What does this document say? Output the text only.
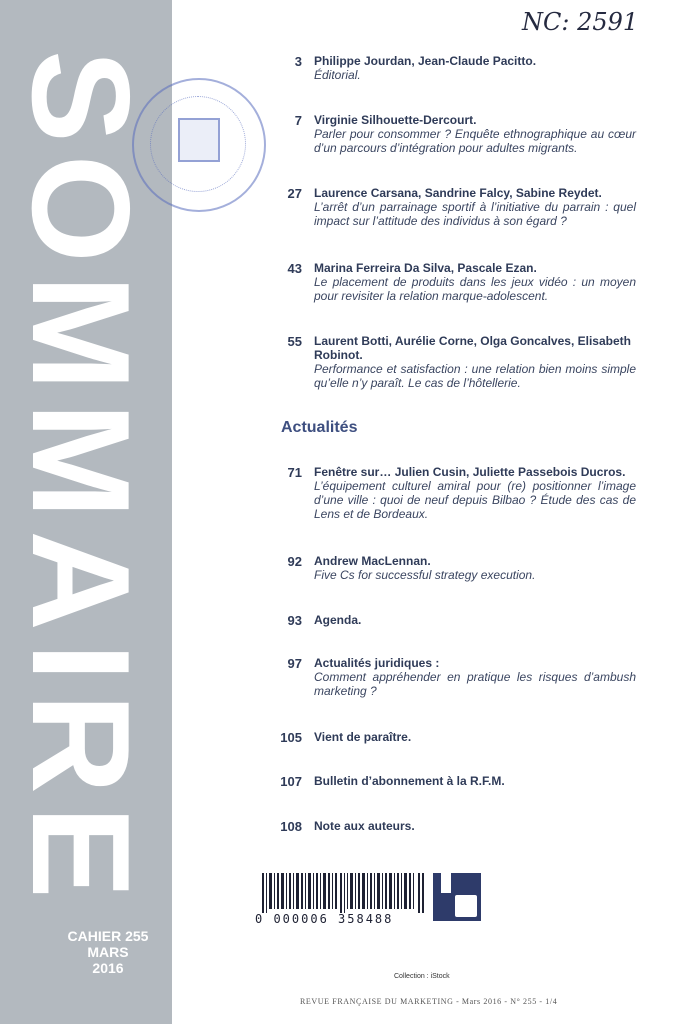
SOMMAIRE
CAHIER 255
MARS
2016
NC: 2591
3 Philippe Jourdan, Jean-Claude Pacitto.
Éditorial.
7 Virginie Silhouette-Dercourt.
Parler pour consommer ? Enquête ethnographique au cœur d’un parcours d’intégration pour adultes migrants.
27 Laurence Carsana, Sandrine Falcy, Sabine Reydet.
L’arrêt d’un parrainage sportif à l’initiative du parrain : quel impact sur l’attitude des individus à son égard ?
43 Marina Ferreira Da Silva, Pascale Ezan.
Le placement de produits dans les jeux vidéo : un moyen pour revisiter la relation marque-adolescent.
55 Laurent Botti, Aurélie Corne, Olga Goncalves, Elisabeth Robinot.
Performance et satisfaction : une relation bien moins simple qu’elle n’y paraît. Le cas de l’hôtellerie.
Actualités
71 Fenêtre sur… Julien Cusin, Juliette Passebois Ducros.
L’équipement culturel amiral pour (re) positionner l’image d’une ville : quoi de neuf depuis Bilbao ? Étude des cas de Lens et de Bordeaux.
92 Andrew MacLennan.
Five Cs for successful strategy execution.
93 Agenda.
97 Actualités juridiques :
Comment appréhender en pratique les risques d’ambush marketing ?
105 Vient de paraître.
107 Bulletin d’abonnement à la R.F.M.
108 Note aux auteurs.
0 000006 358488
Collection : iStock
REVUE FRANÇAISE DU MARKETING - Mars 2016 - N° 255 - 1/4
